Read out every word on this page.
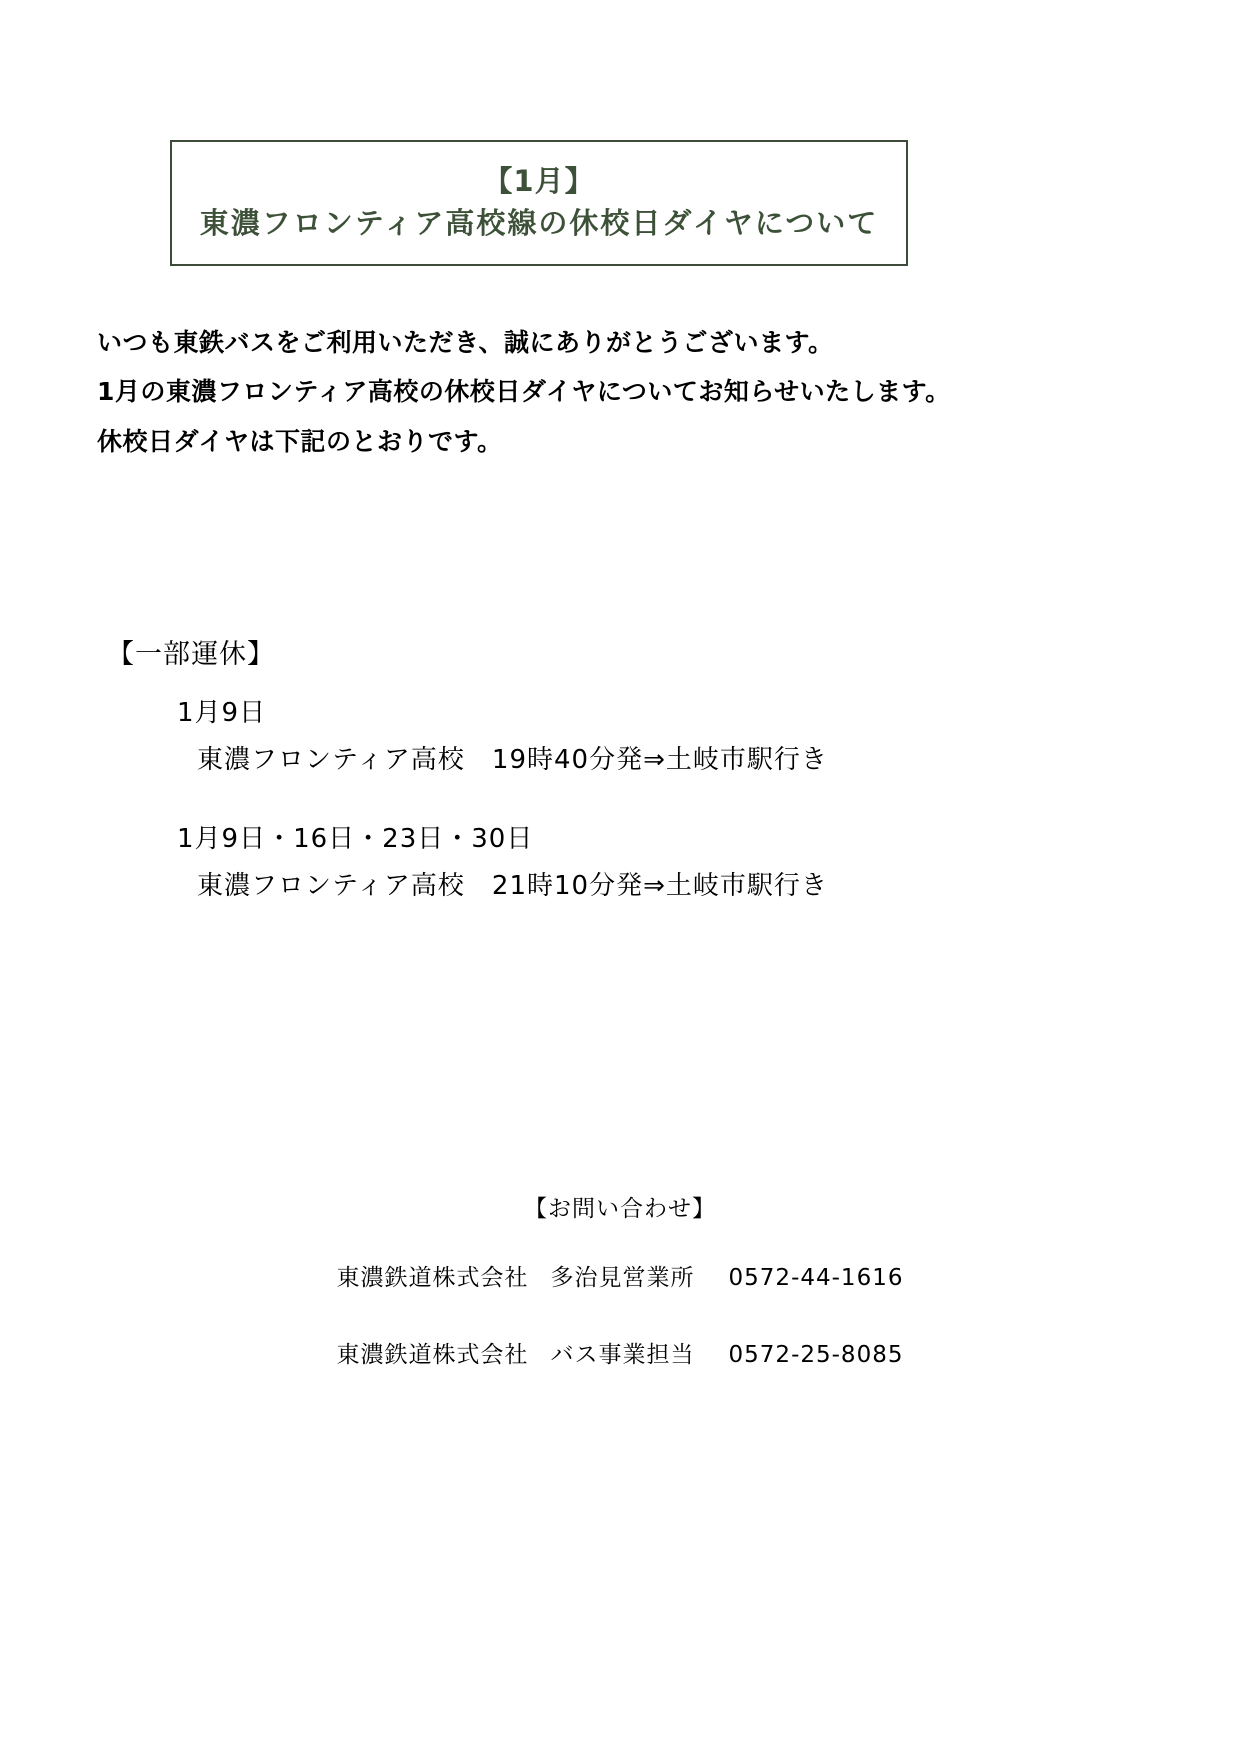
【1月】
東濃フロンティア高校線の休校日ダイヤについて

いつも東鉄バスをご利用いただき、誠にありがとうございます。

1月の東濃フロンティア高校の休校日ダイヤについてお知らせいたします。

休校日ダイヤは下記のとおりです。

【一部運休】
1月9日
東濃フロンティア高校　19時40分発⇒土岐市駅行き
1月9日・16日・23日・30日
東濃フロンティア高校　21時10分発⇒土岐市駅行き
【お問い合わせ】
東濃鉄道株式会社 多治見営業所 0572-44-1616
東濃鉄道株式会社 バス事業担当 0572-25-8085
